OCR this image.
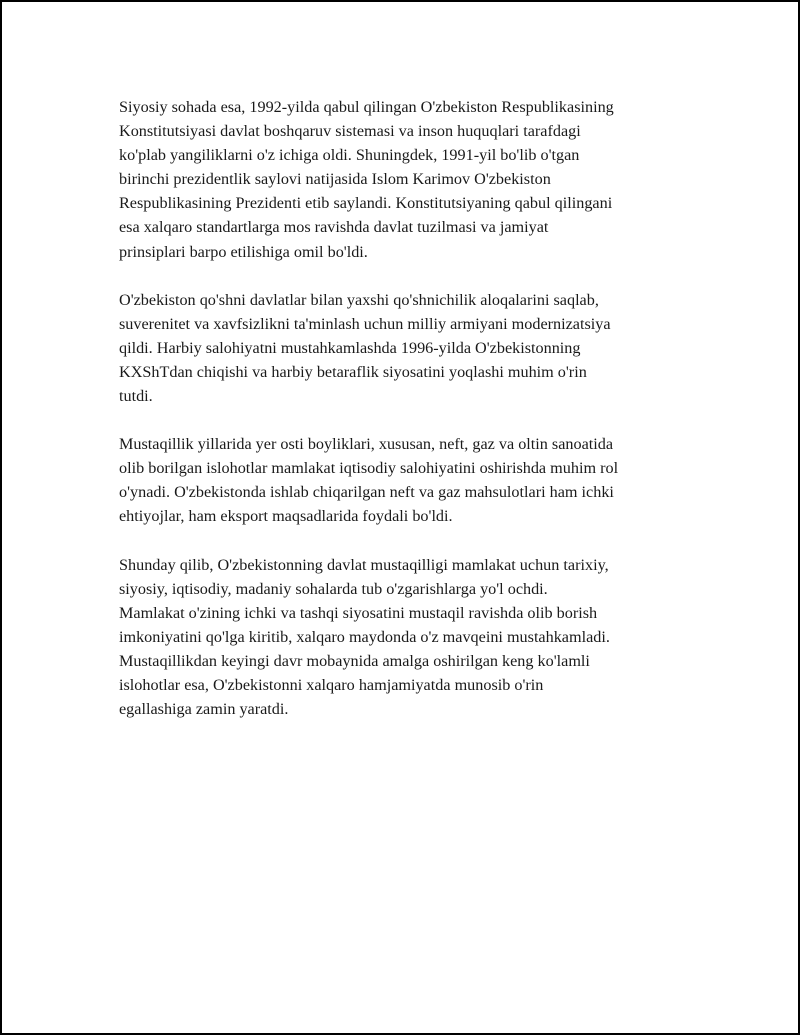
Siyosiy sohada esa, 1992-yilda qabul qilingan O'zbekiston Respublikasining
Konstitutsiyasi davlat boshqaruv sistemasi va inson huquqlari tarafdagi
ko'plab yangiliklarni o'z ichiga oldi. Shuningdek, 1991-yil bo'lib o'tgan
birinchi prezidentlik saylovi natijasida Islom Karimov O'zbekiston
Respublikasining Prezidenti etib saylandi. Konstitutsiyaning qabul qilingani
esa xalqaro standartlarga mos ravishda davlat tuzilmasi va jamiyat
prinsiplari barpo etilishiga omil bo'ldi.

O'zbekiston qo'shni davlatlar bilan yaxshi qo'shnichilik aloqalarini saqlab,
suverenitet va xavfsizlikni ta'minlash uchun milliy armiyani modernizatsiya
qildi. Harbiy salohiyatni mustahkamlashda 1996-yilda O'zbekistonning
KXShTdan chiqishi va harbiy betaraflik siyosatini yoqlashi muhim o'rin
tutdi.

Mustaqillik yillarida yer osti boyliklari, xususan, neft, gaz va oltin sanoatida
olib borilgan islohotlar mamlakat iqtisodiy salohiyatini oshirishda muhim rol
o'ynadi. O'zbekistonda ishlab chiqarilgan neft va gaz mahsulotlari ham ichki
ehtiyojlar, ham eksport maqsadlarida foydali bo'ldi.

Shunday qilib, O'zbekistonning davlat mustaqilligi mamlakat uchun tarixiy,
siyosiy, iqtisodiy, madaniy sohalarda tub o'zgarishlarga yo'l ochdi.
Mamlakat o'zining ichki va tashqi siyosatini mustaqil ravishda olib borish
imkoniyatini qo'lga kiritib, xalqaro maydonda o'z mavqeini mustahkamladi.
Mustaqillikdan keyingi davr mobaynida amalga oshirilgan keng ko'lamli
islohotlar esa, O'zbekistonni xalqaro hamjamiyatda munosib o'rin
egallashiga zamin yaratdi.
